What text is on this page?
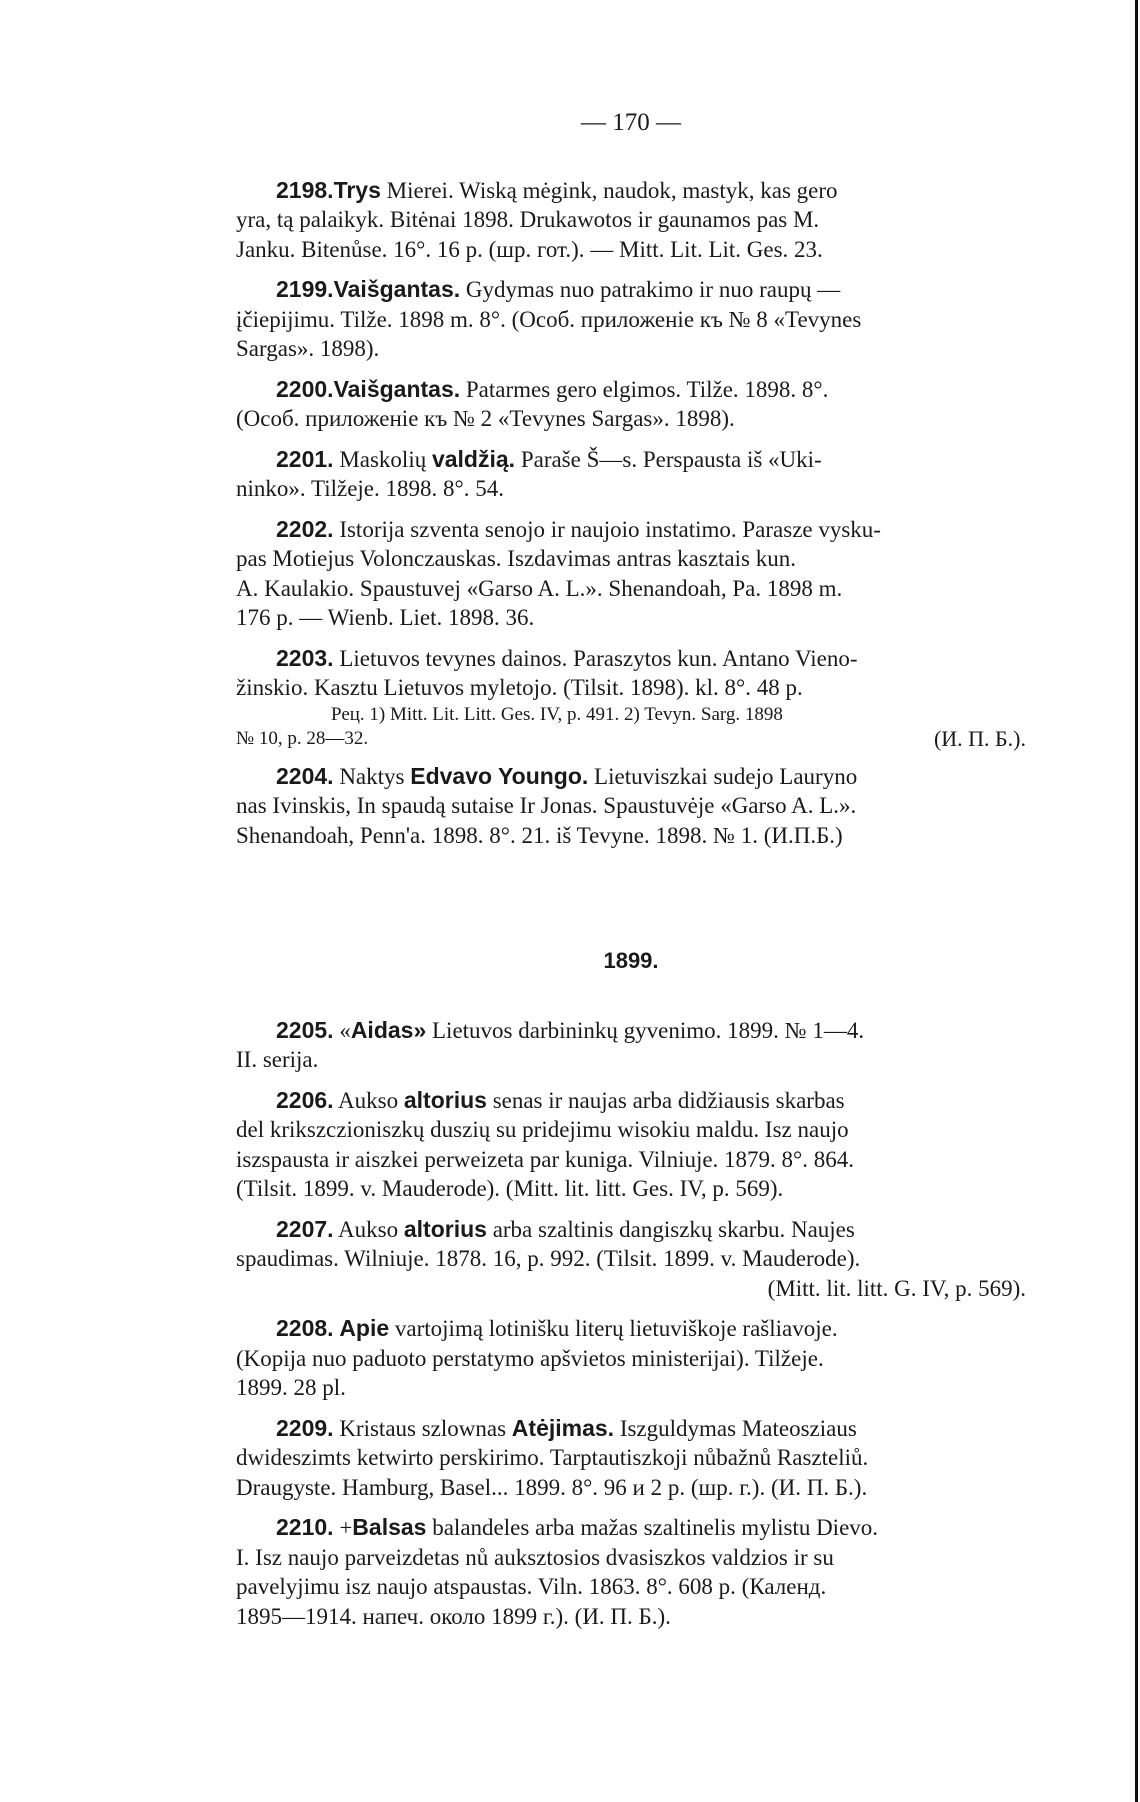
— 170 —
2198.Trys Mierei. Wiską mėgink, naudok, mastyk, kas gero
yra, tą palaikyk. Bitėnai 1898. Drukawotos ir gaunamos pas M.
Janku. Bitenůse. 16°. 16 p. (шр. гот.). — Mitt. Lit. Lit. Ges. 23.
2199.Vaišgantas. Gydymas nuo patrakimo ir nuo raupų —
įčiepijimu. Tilže. 1898 m. 8°. (Особ. приложеніе къ № 8 «Tevynes
Sargas». 1898).
2200.Vaišgantas. Patarmes gero elgimos. Tilže. 1898. 8°.
(Особ. приложеніе къ № 2 «Tevynes Sargas». 1898).
2201. Maskolių valdžią. Paraše Š—s. Perspausta iš «Uki-
ninko». Tilžeje. 1898. 8°. 54.
2202. Istorija szventa senojo ir naujoio instatimo. Parasze vysku-
pas Motiejus Volonczauskas. Iszdavimas antras kasztais kun.
A. Kaulakio. Spaustuvej «Garso A. L.». Shenandoah, Pa. 1898 m.
176 p. — Wienb. Liet. 1898. 36.
2203. Lietuvos tevynes dainos. Paraszytos kun. Antano Vieno-
žinskio. Kasztu Lietuvos myletojo. (Tilsit. 1898). kl. 8°. 48 p.
Рец. 1) Mitt. Lit. Litt. Ges. IV, p. 491. 2) Tevyn. Sarg. 1898
№ 10, p. 28—32.	(И. П. Б.).
2204. Naktys Edvavo Youngo. Lietuviszkai sudejo Lauryno
nas Ivinskis, In spaudą sutaise Ir Jonas. Spaustuvėje «Garso A. L.».
Shenandoah, Penn'a. 1898. 8°. 21. iš Tevyne. 1898. № 1. (И.П.Б.)
1899.
2205. «Aidas» Lietuvos darbininkų gyvenimo. 1899. № 1—4.
II. serija.
2206. Aukso altorius senas ir naujas arba didžiausis skarbas
del krikszczioniszkų duszių su pridejimu wisokiu maldu. Isz naujo
iszspausta ir aiszkei perweizeta par kuniga. Vilniuje. 1879. 8°. 864.
(Tilsit. 1899. v. Mauderode). (Mitt. lit. litt. Ges. IV, p. 569).
2207. Aukso altorius arba szaltinis dangiszkų skarbu. Naujes
spaudimas. Wilniuje. 1878. 16, p. 992. (Tilsit. 1899. v. Mauderode).
(Mitt. lit. litt. G. IV, p. 569).
2208. Apie vartojimą lotinišku literų lietuviškoje rašliavoje.
(Kopija nuo paduoto perstatymo apšvietos ministerijai). Tilžeje.
1899. 28 pl.
2209. Kristaus szlownas Atėjimas. Iszguldymas Mateosziaus
dwideszimts ketwirto perskirimo. Tarptautiszkoji nůbažnů Raszteliů.
Draugyste. Hamburg, Basel... 1899. 8°. 96 и 2 p. (шр. г.). (И. П. Б.).
2210. +Balsas balandeles arba mažas szaltinelis mylistu Dievo.
I. Isz naujo parveizdetas nů auksztosios dvasiszkos valdzios ir su
pavelyjimu isz naujo atspaustas. Viln. 1863. 8°. 608 p. (Календ.
1895—1914. напеч. около 1899 г.). (И. П. Б.).
